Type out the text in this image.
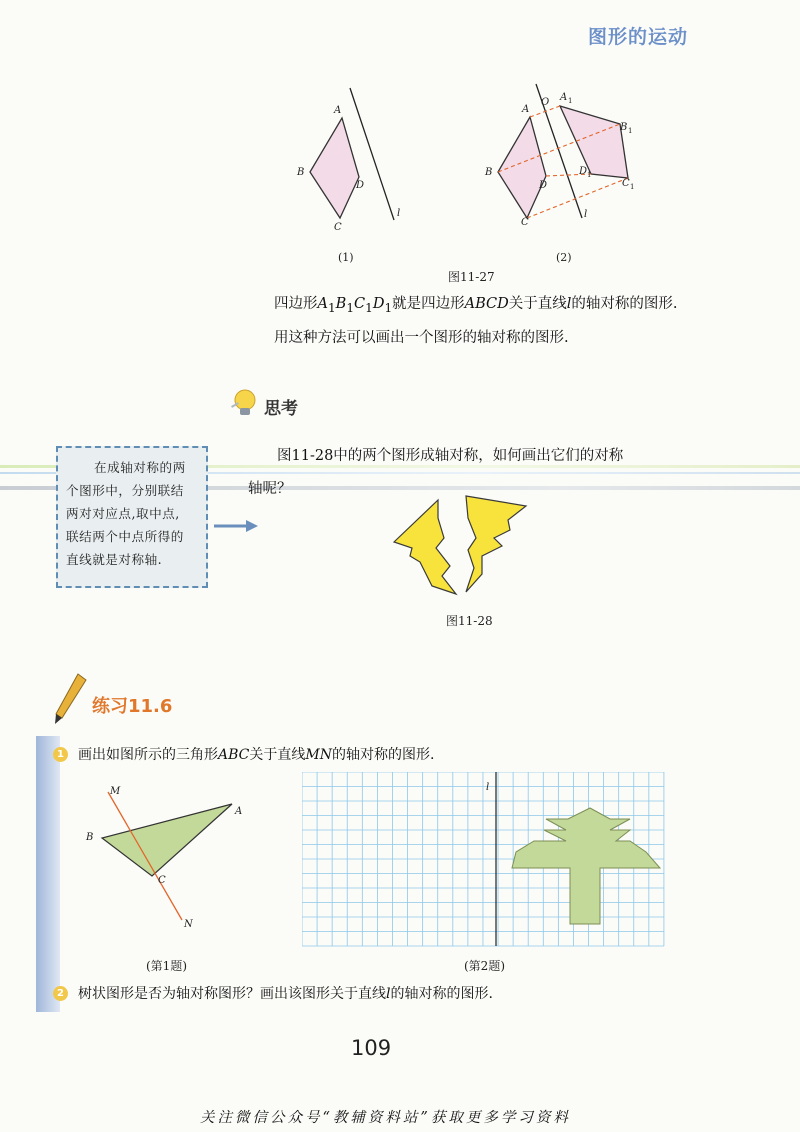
图形的运动
A
B
C
D
l
A
O A 1
B 1
B
D
D 1
C 1
C
l
(1)	(2)
图11-27
四边形$A_1B_1C_1D_1$就是四边形ABCD关于直线l的轴对称的图形.
用这种方法可以画出一个图形的轴对称的图形.
思考
图11-28中的两个图形成轴对称，如何画出它们的对称
轴呢？
在成轴对称的两
个图形中，分别联结
两对对应点,取中点,
联结两个中点所得的
直线就是对称轴.
图11-28
练习11.6
1 画出如图所示的三角形ABC关于直线MN的轴对称的图形.
M
A
B
C
N
(第1题)
l
(第2题)
2 树状图形是否为轴对称图形？画出该图形关于直线l的轴对称的图形.
109
关注微信公众号“教辅资料站”获取更多学习资料
